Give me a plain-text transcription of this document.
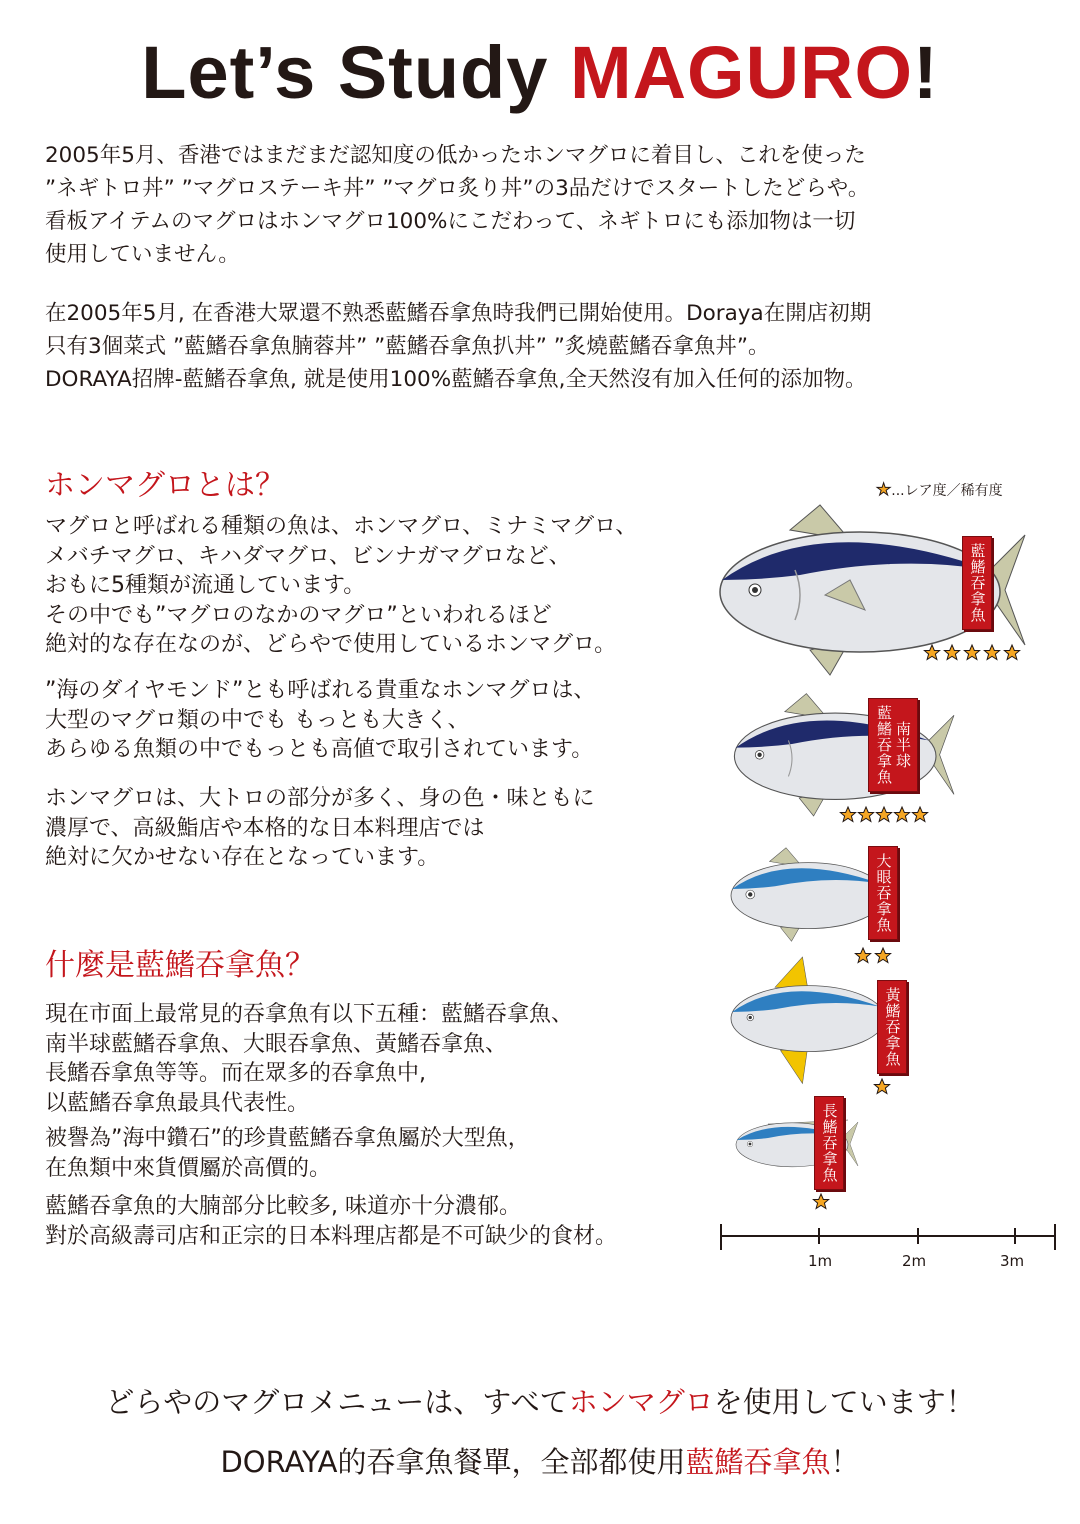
Let’s Study MAGURO!
2005年5月、香港ではまだまだ認知度の低かったホンマグロに着目し、これを使った
”ネギトロ丼” ”マグロステーキ丼” ”マグロ炙り丼”の3品だけでスタートしたどらや。
看板アイテムのマグロはホンマグロ100%にこだわって、ネギトロにも添加物は一切
使用していません。
在2005年5月, 在香港大眾還不熟悉藍鰭吞拿魚時我們已開始使用。Doraya在開店初期
只有3個菜式 ”藍鰭吞拿魚腩蓉丼” ”藍鰭吞拿魚扒丼” ”炙燒藍鰭吞拿魚丼”。
DORAYA招牌-藍鰭吞拿魚, 就是使用100%藍鰭吞拿魚,全天然沒有加入任何的添加物。
ホンマグロとは？
マグロと呼ばれる種類の魚は、ホンマグロ、ミナミマグロ、
メバチマグロ、キハダマグロ、ビンナガマグロなど、
おもに5種類が流通しています。
その中でも”マグロのなかのマグロ”といわれるほど
絶対的な存在なのが、どらやで使用しているホンマグロ。
”海のダイヤモンド”とも呼ばれる貴重なホンマグロは、
大型のマグロ類の中でも もっとも大きく、
あらゆる魚類の中でもっとも高値で取引されています。
ホンマグロは、大トロの部分が多く、身の色・味ともに
濃厚で、高級鮨店や本格的な日本料理店では
絶対に欠かせない存在となっています。
什麼是藍鰭吞拿魚？
現在市面上最常見的吞拿魚有以下五種：藍鰭吞拿魚、
南半球藍鰭吞拿魚、大眼吞拿魚、黃鰭吞拿魚、
長鰭吞拿魚等等。而在眾多的吞拿魚中,
以藍鰭吞拿魚最具代表性。
被譽為”海中鑽石”的珍貴藍鰭吞拿魚屬於大型魚，
在魚類中來貨價屬於高價的。
藍鰭吞拿魚的大腩部分比較多, 味道亦十分濃郁。
對於高級壽司店和正宗的日本料理店都是不可缺少的食材。
★...レア度／稀有度
藍鰭吞拿魚
南半球
藍鰭吞拿魚
大眼吞拿魚
黃鰭吞拿魚
長鰭吞拿魚
1m	2m	3m
どらやのマグロメニューは、すべてホンマグロを使用しています！
DORAYA的吞拿魚餐單，全部都使用藍鰭吞拿魚！
